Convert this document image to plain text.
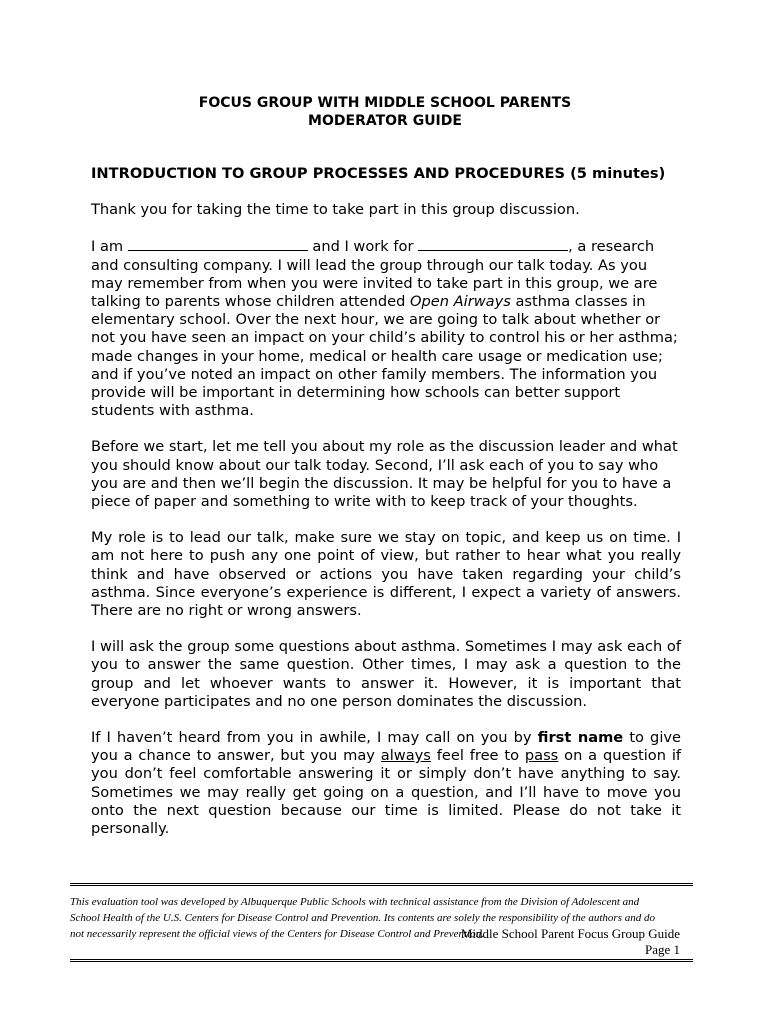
FOCUS GROUP WITH MIDDLE SCHOOL PARENTS
MODERATOR GUIDE
INTRODUCTION TO GROUP PROCESSES AND PROCEDURES (5 minutes)

Thank you for taking the time to take part in this group discussion.

I am	and I work for	, a research and consulting company. I will lead the group through our talk today. As you may remember from when you were invited to take part in this group, we are talking to parents whose children attended Open Airways asthma classes in elementary school. Over the next hour, we are going to talk about whether or not you have seen an impact on your child’s ability to control his or her asthma; made changes in your home, medical or health care usage or medication use; and if you’ve noted an impact on other family members. The information you provide will be important in determining how schools can better support students with asthma.

Before we start, let me tell you about my role as the discussion leader and what you should know about our talk today. Second, I’ll ask each of you to say who you are and then we’ll begin the discussion. It may be helpful for you to have a piece of paper and something to write with to keep track of your thoughts.

My role is to lead our talk, make sure we stay on topic, and keep us on time. I am not here to push any one point of view, but rather to hear what you really think and have observed or actions you have taken regarding your child’s asthma. Since everyone’s experience is different, I expect a variety of answers. There are no right or wrong answers.

I will ask the group some questions about asthma. Sometimes I may ask each of you to answer the same question. Other times, I may ask a question to the group and let whoever wants to answer it. However, it is important that everyone participates and no one person dominates the discussion.

If I haven’t heard from you in awhile, I may call on you by first name to give you a chance to answer, but you may always feel free to pass on a question if you don’t feel comfortable answering it or simply don’t have anything to say. Sometimes we may really get going on a question, and I’ll have to move you onto the next question because our time is limited. Please do not take it personally.

This evaluation tool was developed by Albuquerque Public Schools with technical assistance from the Division of Adolescent and School Health of the U.S. Centers for Disease Control and Prevention. Its contents are solely the responsibility of the authors and do not necessarily represent the official views of the Centers for Disease Control and Prevention.
Middle School Parent Focus Group Guide
Page 1
